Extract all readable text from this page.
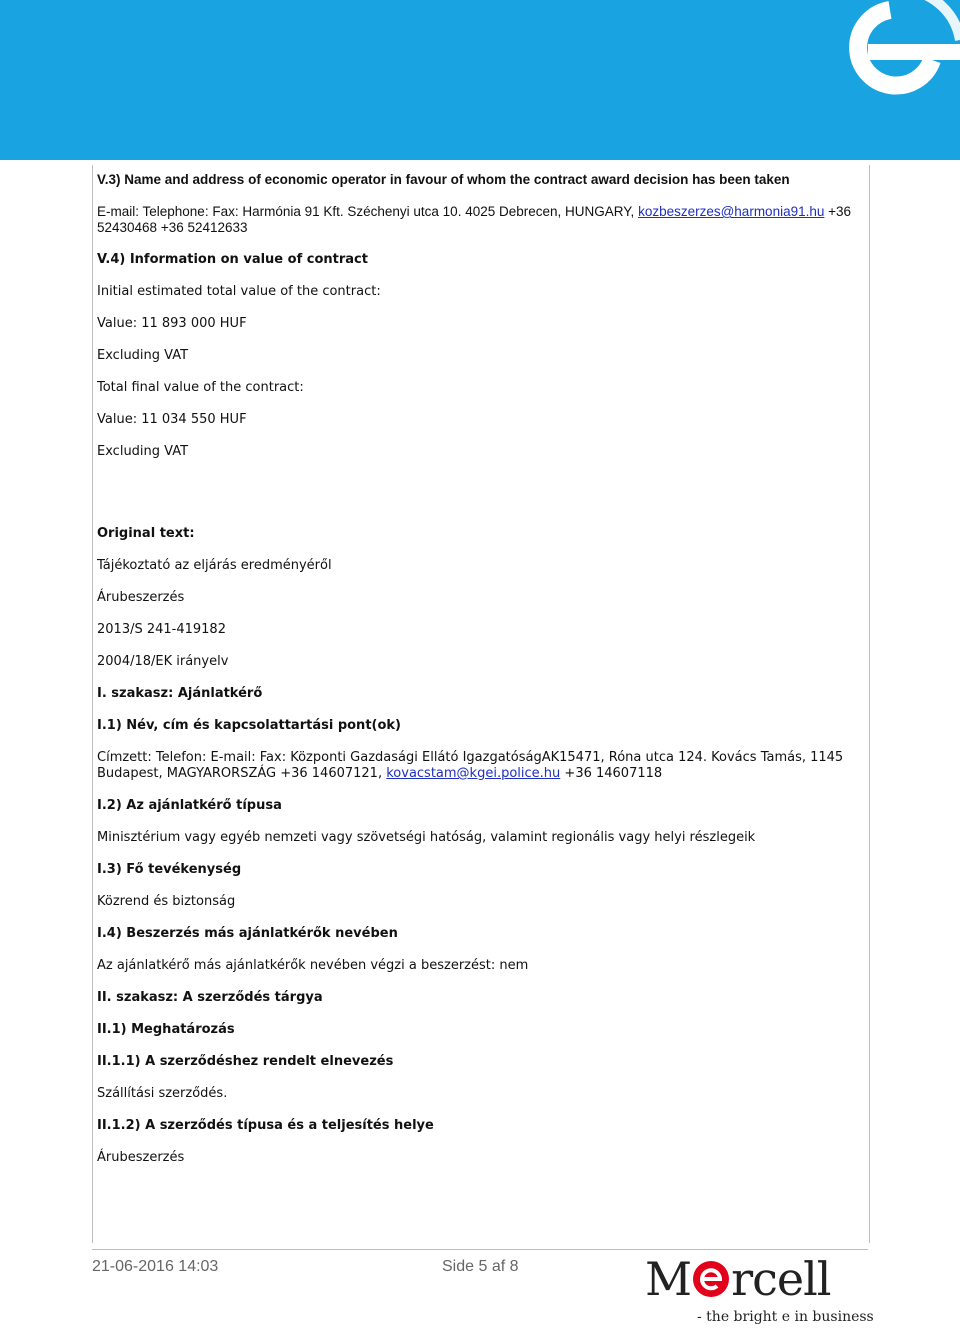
V.3) Name and address of economic operator in favour of whom the contract award decision has been taken

E-mail: Telephone: Fax: Harmónia 91 Kft. Széchenyi utca 10. 4025 Debrecen, HUNGARY, kozbeszerzes@harmonia91.hu +36 52430468 +36 52412633

V.4) Information on value of contract

Initial estimated total value of the contract:

Value: 11 893 000 HUF

Excluding VAT

Total final value of the contract:

Value: 11 034 550 HUF

Excluding VAT

Original text:

Tájékoztató az eljárás eredményéről

Árubeszerzés

2013/S 241-419182

2004/18/EK irányelv

I. szakasz: Ajánlatkérő

I.1) Név, cím és kapcsolattartási pont(ok)

Címzett: Telefon: E-mail: Fax: Központi Gazdasági Ellátó IgazgatóságAK15471, Róna utca 124. Kovács Tamás, 1145 Budapest, MAGYARORSZÁG +36 14607121, kovacstam@kgei.police.hu +36 14607118

I.2) Az ajánlatkérő típusa

Minisztérium vagy egyéb nemzeti vagy szövetségi hatóság, valamint regionális vagy helyi részlegeik

I.3) Fő tevékenység

Közrend és biztonság

I.4) Beszerzés más ajánlatkérők nevében

Az ajánlatkérő más ajánlatkérők nevében végzi a beszerzést: nem

II. szakasz: A szerződés tárgya

II.1) Meghatározás

II.1.1) A szerződéshez rendelt elnevezés

Szállítási szerződés.

II.1.2) A szerződés típusa és a teljesítés helye

Árubeszerzés

21-06-2016 14:03	Side 5 af 8	M rcell
- the bright e in business
